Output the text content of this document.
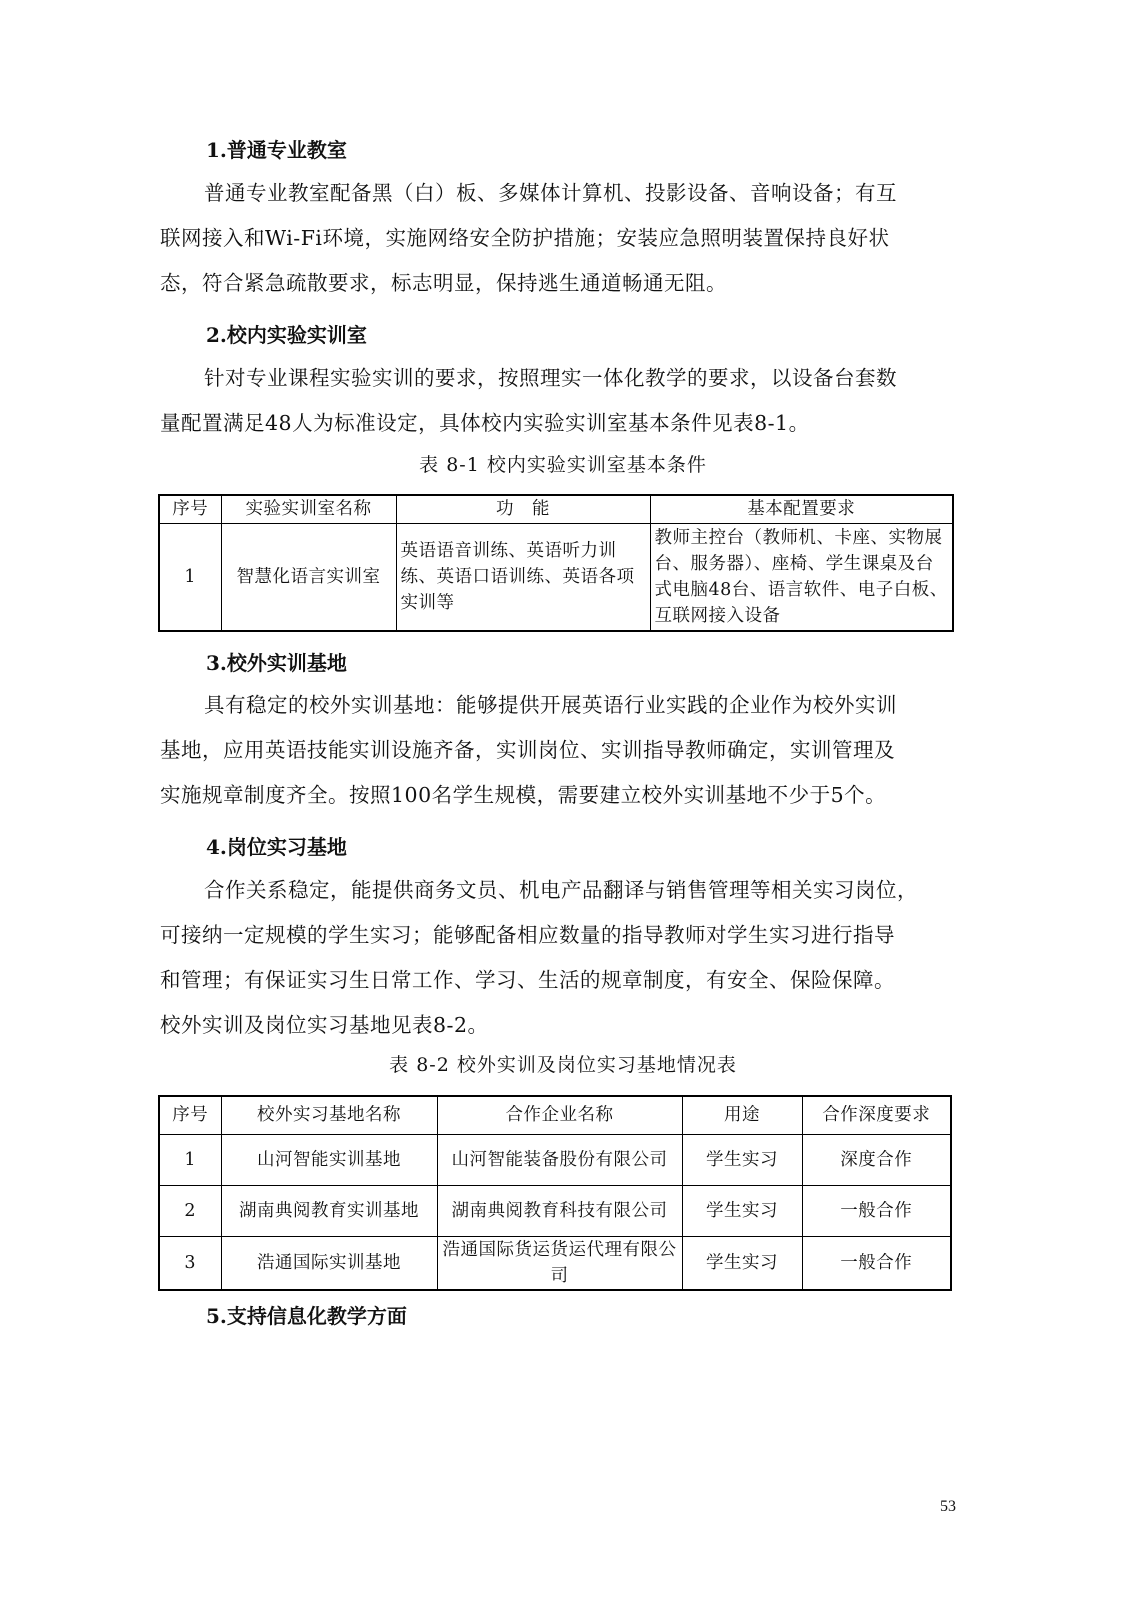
1.普通专业教室

普通专业教室配备黑（白）板、多媒体计算机、投影设备、音响设备；有互
联网接入和Wi-Fi环境，实施网络安全防护措施；安装应急照明装置保持良好状
态，符合紧急疏散要求，标志明显，保持逃生通道畅通无阻。

2.校内实验实训室

针对专业课程实验实训的要求，按照理实一体化教学的要求，以设备台套数
量配置满足48人为标准设定，具体校内实验实训室基本条件见表8-1。

表 8-1 校内实验实训室基本条件

序号	实验实训室名称	功　能	基本配置要求
1	智慧化语言实训室	英语语音训练、英语听力训练、英语口语训练、英语各项实训等	教师主控台（教师机、卡座、实物展台、服务器）、座椅、学生课桌及台式电脑48台、语言软件、电子白板、互联网接入设备

3.校外实训基地

具有稳定的校外实训基地：能够提供开展英语行业实践的企业作为校外实训
基地，应用英语技能实训设施齐备，实训岗位、实训指导教师确定，实训管理及
实施规章制度齐全。按照100名学生规模，需要建立校外实训基地不少于5个。

4.岗位实习基地

合作关系稳定，能提供商务文员、机电产品翻译与销售管理等相关实习岗位，
可接纳一定规模的学生实习；能够配备相应数量的指导教师对学生实习进行指导
和管理；有保证实习生日常工作、学习、生活的规章制度，有安全、保险保障。
校外实训及岗位实习基地见表8-2。

表 8-2 校外实训及岗位实习基地情况表

序号	校外实习基地名称	合作企业名称	用途	合作深度要求
1	山河智能实训基地	山河智能装备股份有限公司	学生实习	深度合作
2	湖南典阅教育实训基地	湖南典阅教育科技有限公司	学生实习	一般合作
3	浩通国际实训基地	浩通国际货运货运代理有限公司	学生实习	一般合作

5.支持信息化教学方面

53
